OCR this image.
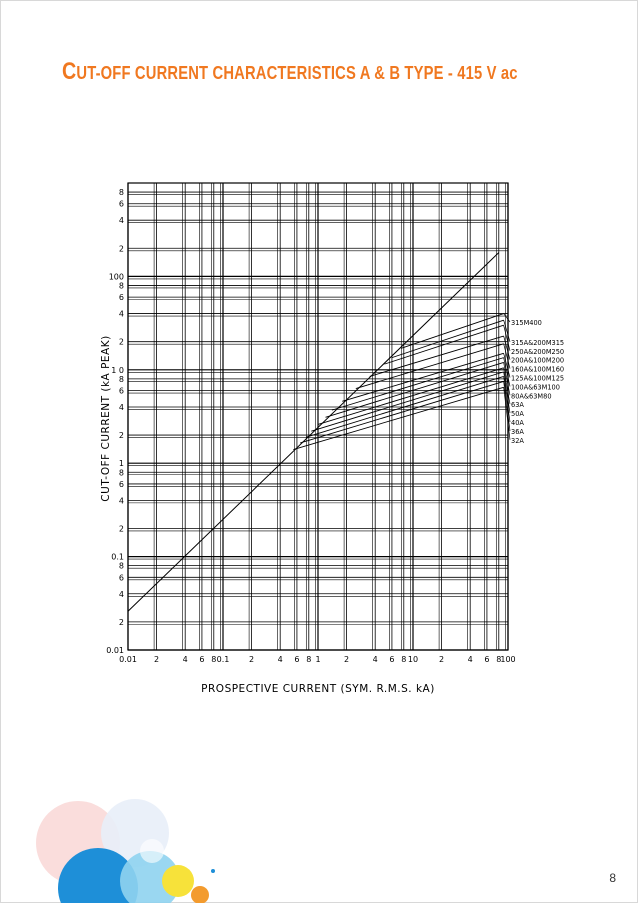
CUT-OFF CURRENT CHARACTERISTICS A & B TYPE - 415 V ac
0.01 2	4 6 8 0.1 2	4 6 8 1	2	4 6 8 10	2	4 6 8 100
0.01
2
4
6
8
0.1
2
4
6
8
1
2
4
6
8
1 0
2
4
6
8
100
2
4
6
8
PROSPECTIVE CURRENT (SYM. R.M.S. kA)
CUT-OFF CURRENT (kA PEAK)
315M400
315A&200M315
250A&200M250
200A&100M200
160A&100M160
125A&100M125
100A&63M100
80A&63M80
63A
50A
40A
36A
32A
8
